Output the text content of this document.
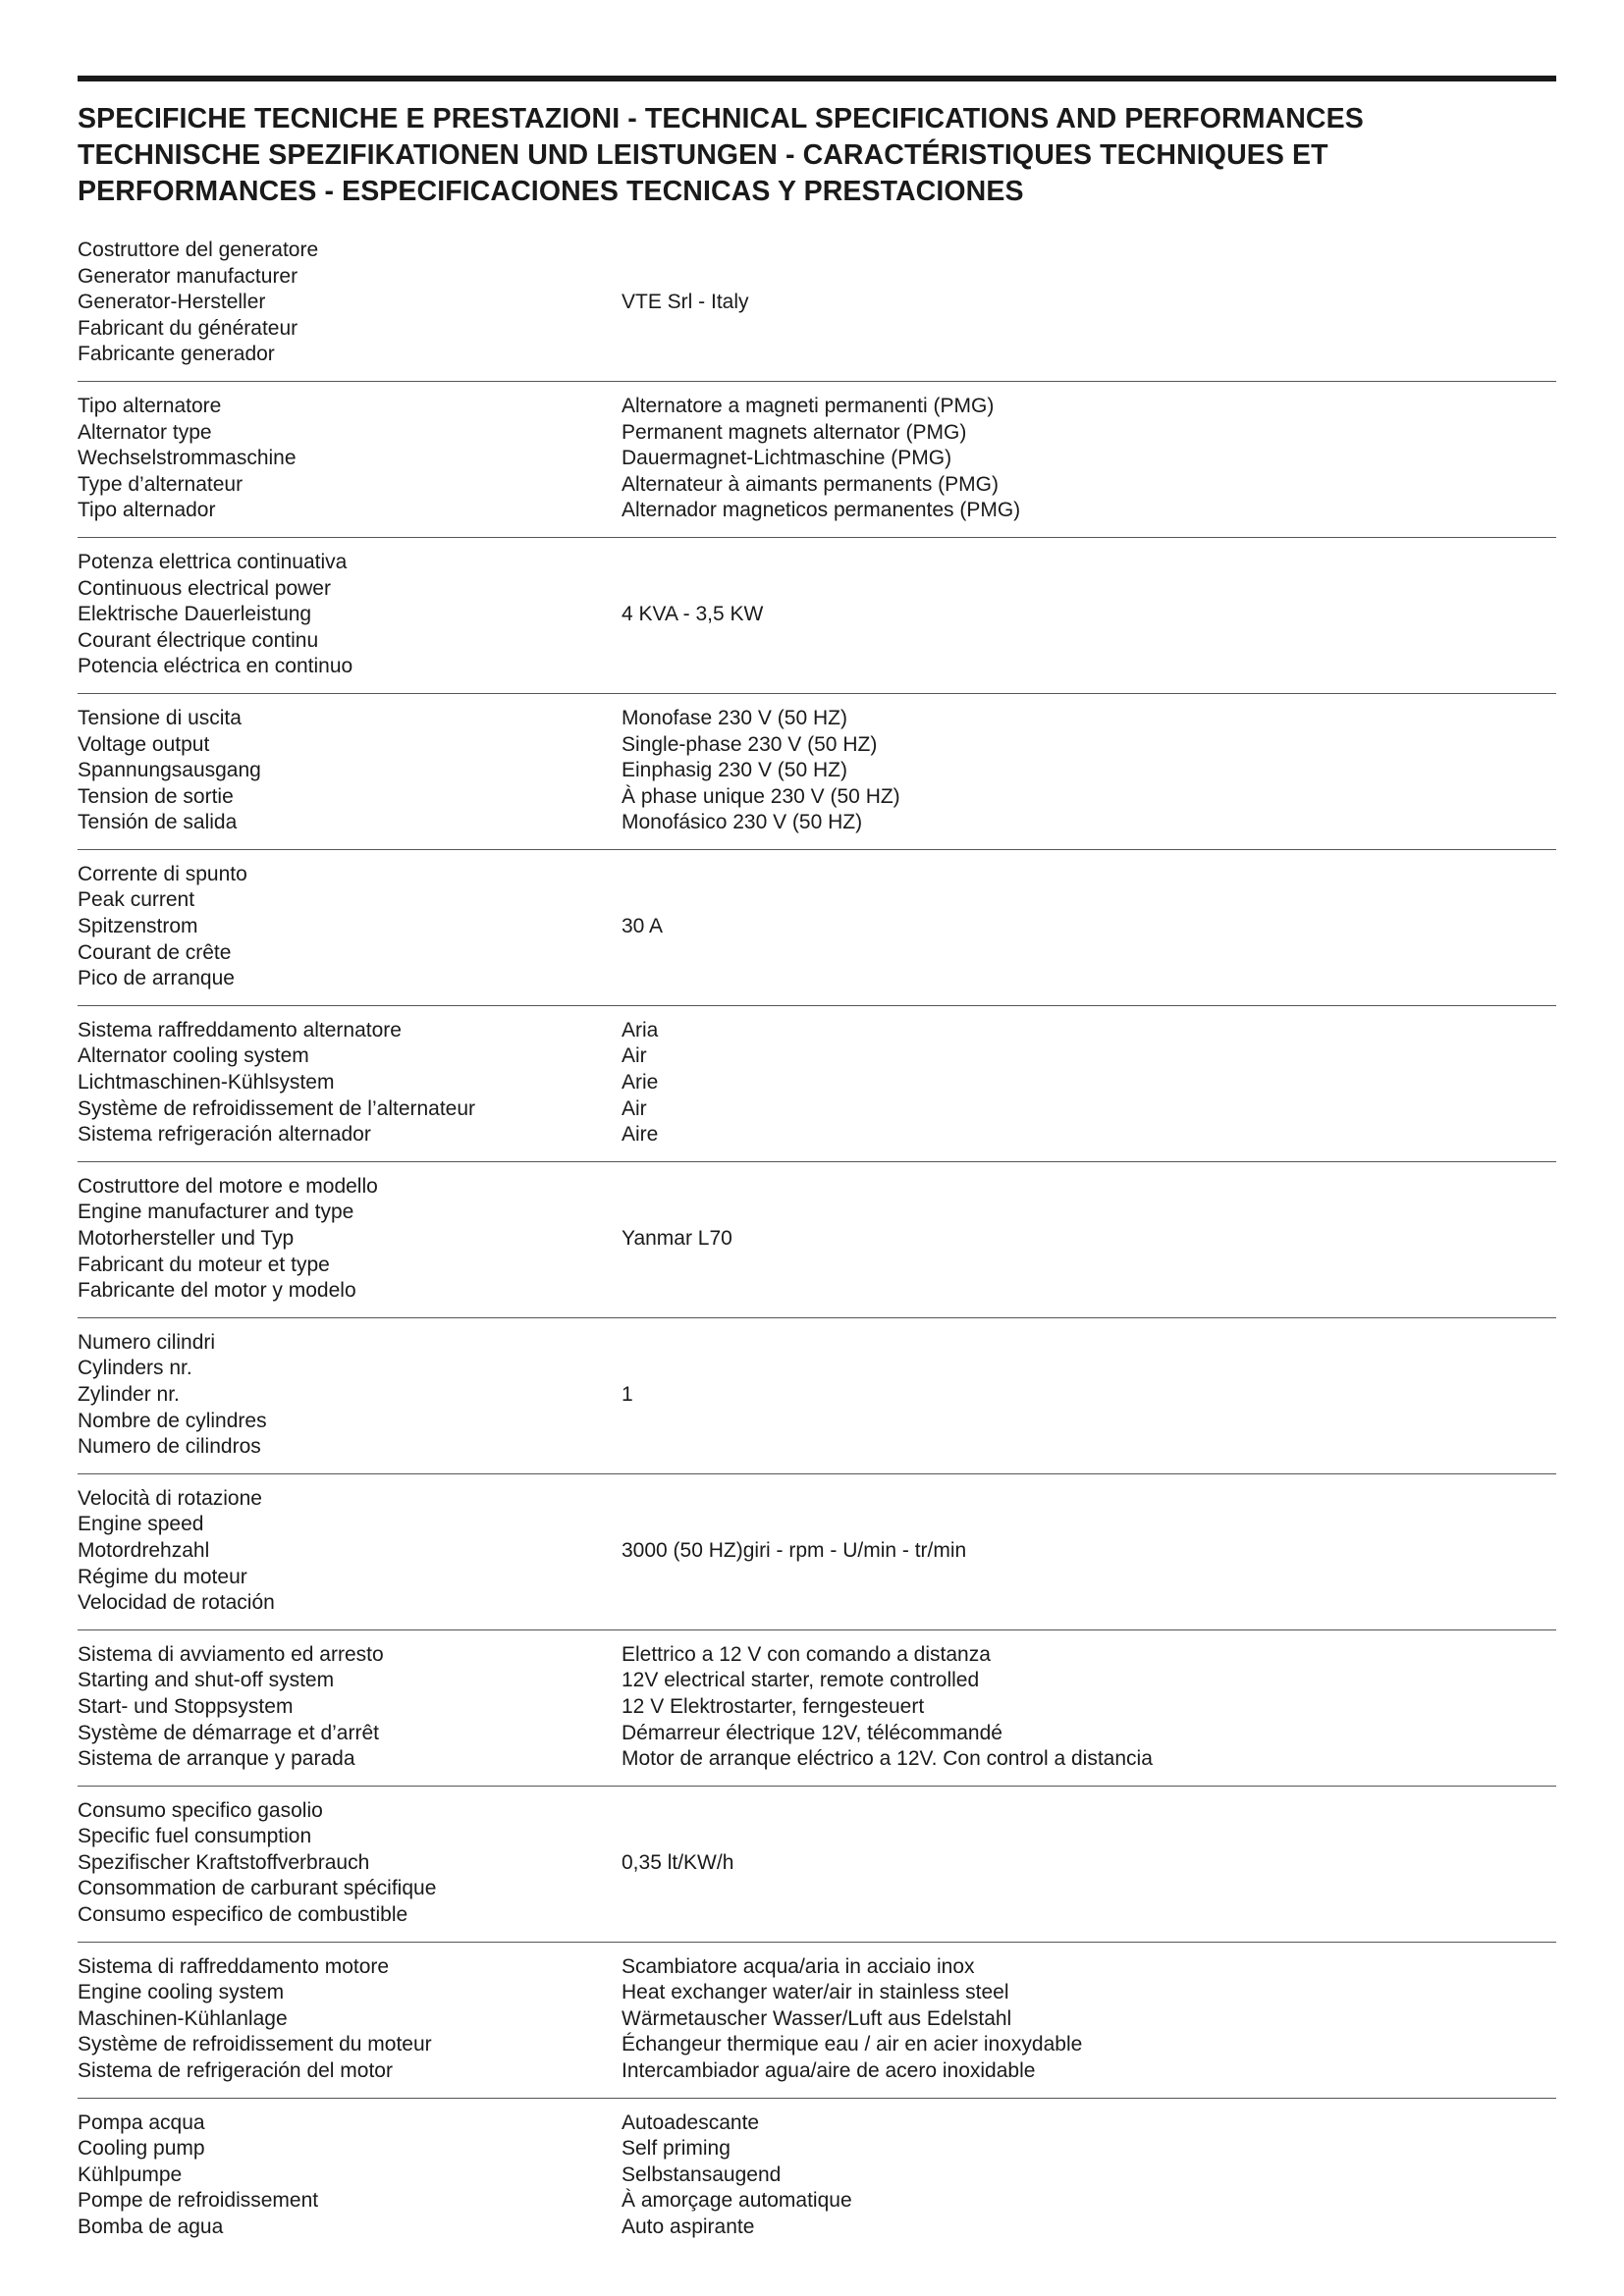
SPECIFICHE TECNICHE E PRESTAZIONI - TECHNICAL SPECIFICATIONS AND PERFORMANCES
TECHNISCHE SPEZIFIKATIONEN UND LEISTUNGEN - CARACTÉRISTIQUES TECHNIQUES ET
PERFORMANCES - ESPECIFICACIONES TECNICAS Y PRESTACIONES
Costruttore del generatore
Generator manufacturer
Generator-Hersteller
Fabricant du générateur
Fabricante generador
VTE Srl - Italy
Tipo alternatore
Alternator type
Wechselstrommaschine
Type d’alternateur
Tipo alternador
Alternatore a magneti permanenti (PMG)
Permanent magnets alternator (PMG)
Dauermagnet-Lichtmaschine (PMG)
Alternateur à aimants permanents (PMG)
Alternador magneticos permanentes (PMG)
Potenza elettrica continuativa
Continuous electrical power
Elektrische Dauerleistung
Courant électrique continu
Potencia eléctrica en continuo
4 KVA - 3,5 KW
Tensione di uscita
Voltage output
Spannungsausgang
Tension de sortie
Tensión de salida
Monofase 230 V (50 HZ)
Single-phase 230 V (50 HZ)
Einphasig 230 V (50 HZ)
À phase unique 230 V (50 HZ)
Monofásico 230 V (50 HZ)
Corrente di spunto
Peak current
Spitzenstrom
Courant de crête
Pico de arranque
30 A
Sistema raffreddamento alternatore
Alternator cooling system
Lichtmaschinen-Kühlsystem
Système de refroidissement de l’alternateur
Sistema refrigeración alternador
Aria
Air
Arie
Air
Aire
Costruttore del motore e modello
Engine manufacturer and type
Motorhersteller und Typ
Fabricant du moteur et type
Fabricante del motor y modelo
Yanmar L70
Numero cilindri
Cylinders nr.
Zylinder nr.
Nombre de cylindres
Numero de cilindros
1
Velocità di rotazione
Engine speed
Motordrehzahl
Régime du moteur
Velocidad de rotación
3000 (50 HZ)giri - rpm - U/min - tr/min
Sistema di avviamento ed arresto
Starting and shut-off system
Start- und Stoppsystem
Système de démarrage et d’arrêt
Sistema de arranque y parada
Elettrico a 12 V con comando a distanza
12V electrical starter, remote controlled
12 V Elektrostarter, ferngesteuert
Démarreur électrique 12V, télécommandé
Motor de arranque eléctrico a 12V. Con control a distancia
Consumo specifico gasolio
Specific fuel consumption
Spezifischer Kraftstoffverbrauch
Consommation de carburant spécifique
Consumo especifico de combustible
0,35 lt/KW/h
Sistema di raffreddamento motore
Engine cooling system
Maschinen-Kühlanlage
Système de refroidissement du moteur
Sistema de refrigeración del motor
Scambiatore acqua/aria in acciaio inox
Heat exchanger water/air in stainless steel
Wärmetauscher Wasser/Luft aus Edelstahl
Échangeur thermique eau / air en acier inoxydable
Intercambiador agua/aire de acero inoxidable
Pompa acqua
Cooling pump
Kühlpumpe
Pompe de refroidissement
Bomba de agua
Autoadescante
Self priming
Selbstansaugend
À amorçage automatique
Auto aspirante
